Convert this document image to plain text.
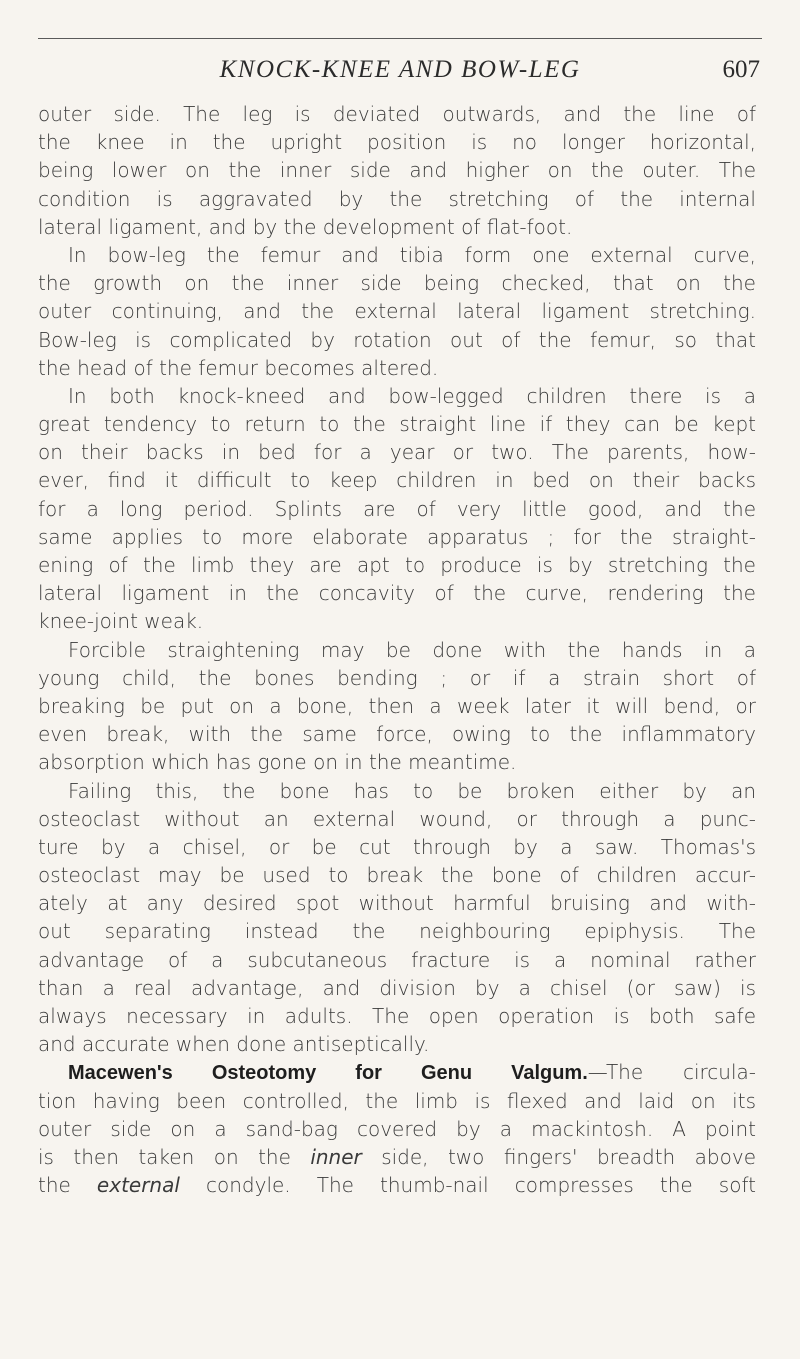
KNOCK-KNEE AND BOW-LEG	607
outer side. The leg is deviated outwards, and the line of
the knee in the upright position is no longer horizontal,
being lower on the inner side and higher on the outer. The
condition is aggravated by the stretching of the internal
lateral ligament, and by the development of flat-foot.
In bow-leg the femur and tibia form one external curve,
the growth on the inner side being checked, that on the
outer continuing, and the external lateral ligament stretching.
Bow-leg is complicated by rotation out of the femur, so that
the head of the femur becomes altered.
In both knock-kneed and bow-legged children there is a
great tendency to return to the straight line if they can be kept
on their backs in bed for a year or two. The parents, how-
ever, find it difficult to keep children in bed on their backs
for a long period. Splints are of very little good, and the
same applies to more elaborate apparatus ; for the straight-
ening of the limb they are apt to produce is by stretching the
lateral ligament in the concavity of the curve, rendering the
knee-joint weak.
Forcible straightening may be done with the hands in a
young child, the bones bending ; or if a strain short of
breaking be put on a bone, then a week later it will bend, or
even break, with the same force, owing to the inflammatory
absorption which has gone on in the meantime.
Failing this, the bone has to be broken either by an
osteoclast without an external wound, or through a punc-
ture by a chisel, or be cut through by a saw. Thomas's
osteoclast may be used to break the bone of children accur-
ately at any desired spot without harmful bruising and with-
out separating instead the neighbouring epiphysis. The
advantage of a subcutaneous fracture is a nominal rather
than a real advantage, and division by a chisel (or saw) is
always necessary in adults. The open operation is both safe
and accurate when done antiseptically.
Macewen's Osteotomy for Genu Valgum.—The circula-
tion having been controlled, the limb is flexed and laid on its
outer side on a sand-bag covered by a mackintosh. A point
is then taken on the inner side, two fingers' breadth above
the external condyle. The thumb-nail compresses the soft
